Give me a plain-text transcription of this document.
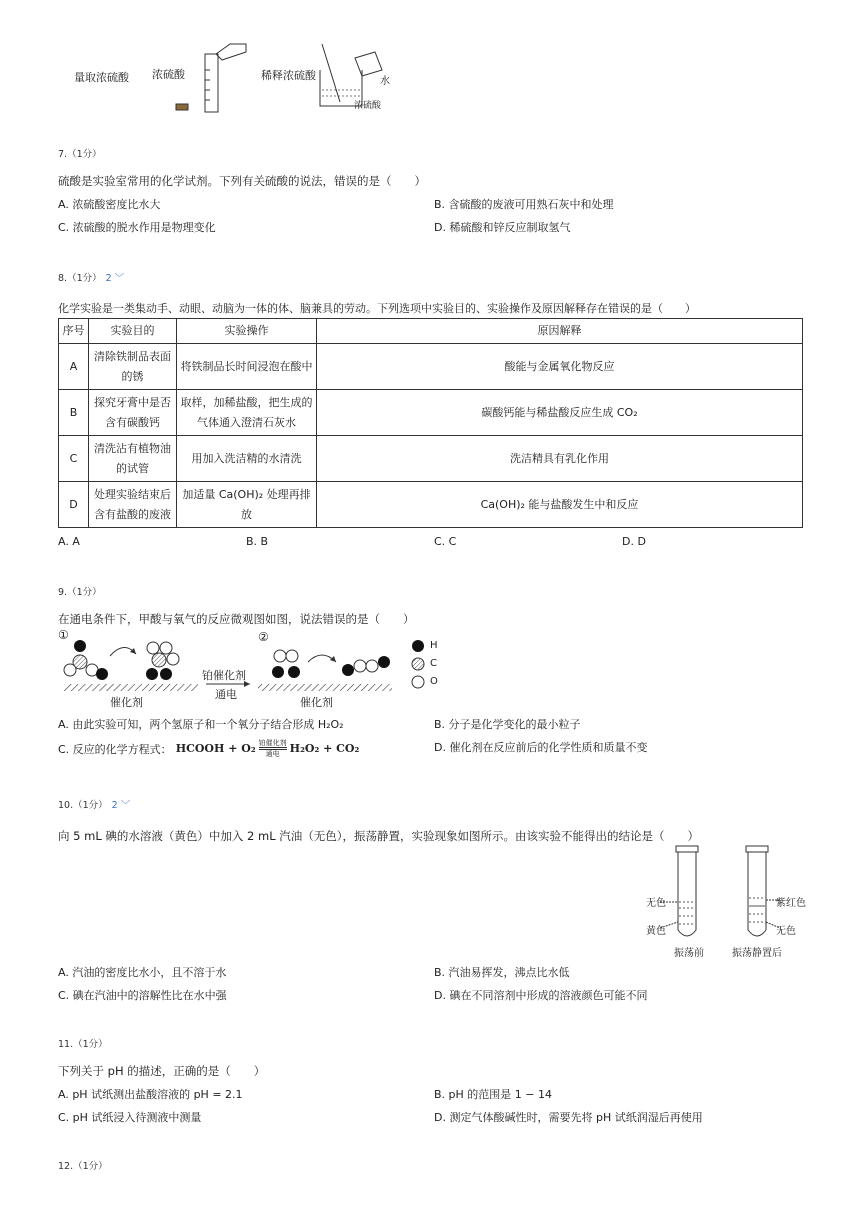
量取浓硫酸 浓硫酸	稀释浓硫酸	水
浓硫酸
7.（1分）
硫酸是实验室常用的化学试剂。下列有关硫酸的说法，错误的是（　　）
A. 浓硫酸密度比水大	B. 含硫酸的废液可用熟石灰中和处理
C. 浓硫酸的脱水作用是物理变化	D. 稀硫酸和锌反应制取氢气
8.（1分） 2 ﹀
化学实验是一类集动手、动眼、动脑为一体的体、脑兼具的劳动。下列选项中实验目的、实验操作及原因解释存在错误的是（　　）
序号	实验目的	实验操作	原因解释
A	清除铁制品表面的锈	将铁制品长时间浸泡在酸中	酸能与金属氧化物反应
B	探究牙膏中是否含有碳酸钙	取样，加稀盐酸，把生成的气体通入澄清石灰水	碳酸钙能与稀盐酸反应生成 CO₂
C	清洗沾有植物油的试管	用加入洗洁精的水清洗	洗洁精具有乳化作用
D	处理实验结束后含有盐酸的废液	加适量 Ca(OH)₂ 处理再排放	Ca(OH)₂ 能与盐酸发生中和反应
A. A	B. B	C. C	D. D
9.（1分）
在通电条件下，甲酸与氧气的反应微观图如图，说法错误的是（　　）
①	②
铂催化剂
通电
催化剂	催化剂
H
C
O
A. 由此实验可知，两个氢原子和一个氧分子结合形成 H₂O₂	B. 分子是化学变化的最小粒子
C. 反应的化学方程式： HCOOH + O₂ 铂催化剂
通电 H₂O₂ + CO₂	D. 催化剂在反应前后的化学性质和质量不变
10.（1分） 2 ﹀
向 5 mL 碘的水溶液（黄色）中加入 2 mL 汽油（无色），振荡静置，实验现象如图所示。由该实验不能得出的结论是（　　）
无色
黄色
振荡前
紫红色
无色
振荡静置后
A. 汽油的密度比水小，且不溶于水	B. 汽油易挥发，沸点比水低
C. 碘在汽油中的溶解性比在水中强	D. 碘在不同溶剂中形成的溶液颜色可能不同
11.（1分）
下列关于 pH 的描述，正确的是（　　）
A. pH 试纸测出盐酸溶液的 pH = 2.1	B. pH 的范围是 1 − 14
C. pH 试纸浸入待测液中测量	D. 测定气体酸碱性时，需要先将 pH 试纸润湿后再使用
12.（1分）
